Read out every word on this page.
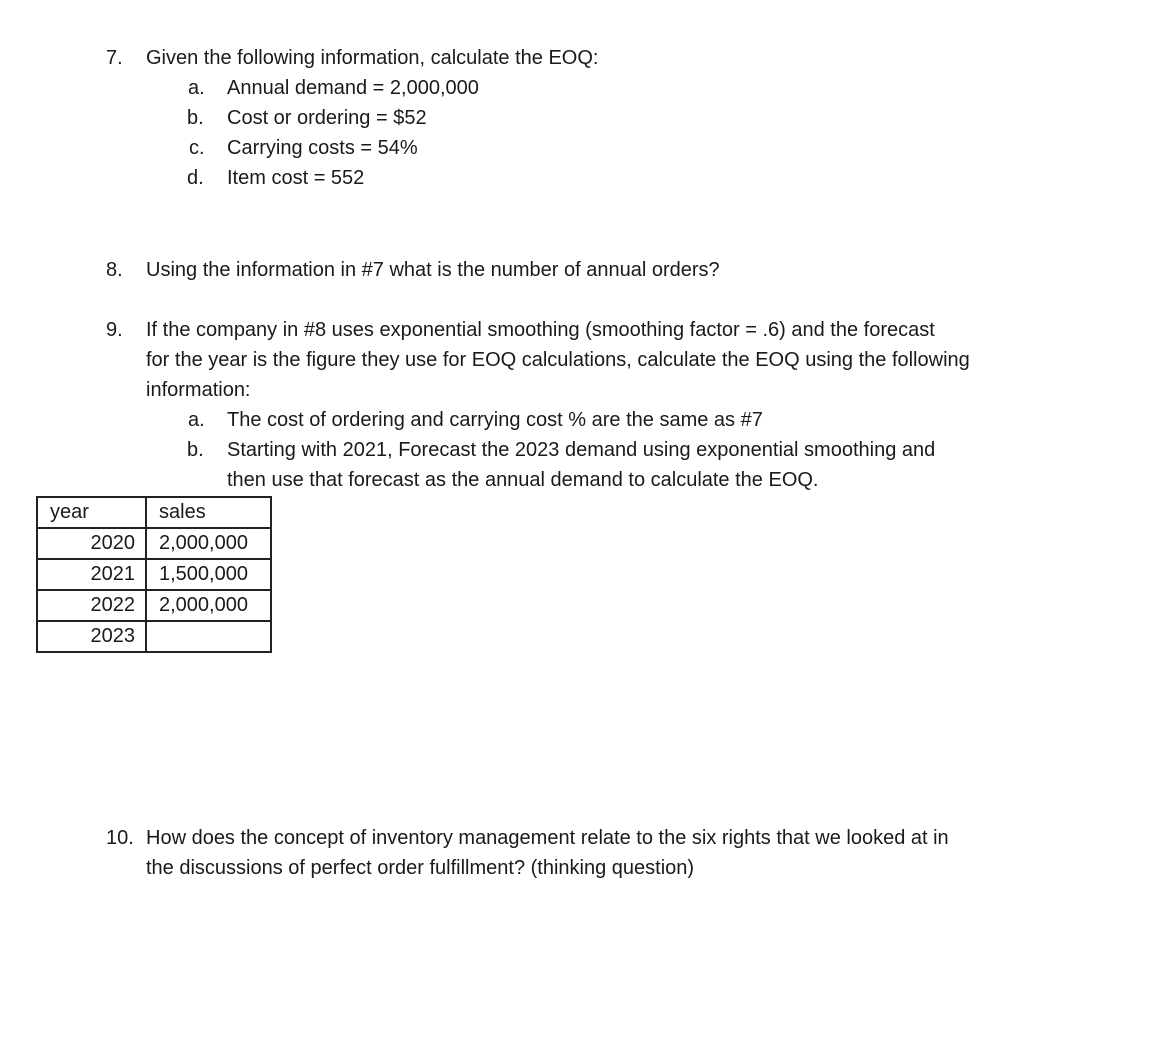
7. Given the following information, calculate the EOQ:
a. Annual demand = 2,000,000
b. Cost or ordering = $52
c. Carrying costs = 54%
d. Item cost = 552
8. Using the information in #7 what is the number of annual orders?
9. If the company in #8 uses exponential smoothing (smoothing factor = .6) and the forecast
for the year is the figure they use for EOQ calculations, calculate the EOQ using the following
information:
a. The cost of ordering and carrying cost % are the same as #7
b. Starting with 2021, Forecast the 2023 demand using exponential smoothing and
then use that forecast as the annual demand to calculate the EOQ.
year	sales
2020	2,000,000
2021	1,500,000
2022	2,000,000
2023	
10. How does the concept of inventory management relate to the six rights that we looked at in
the discussions of perfect order fulfillment? (thinking question)
